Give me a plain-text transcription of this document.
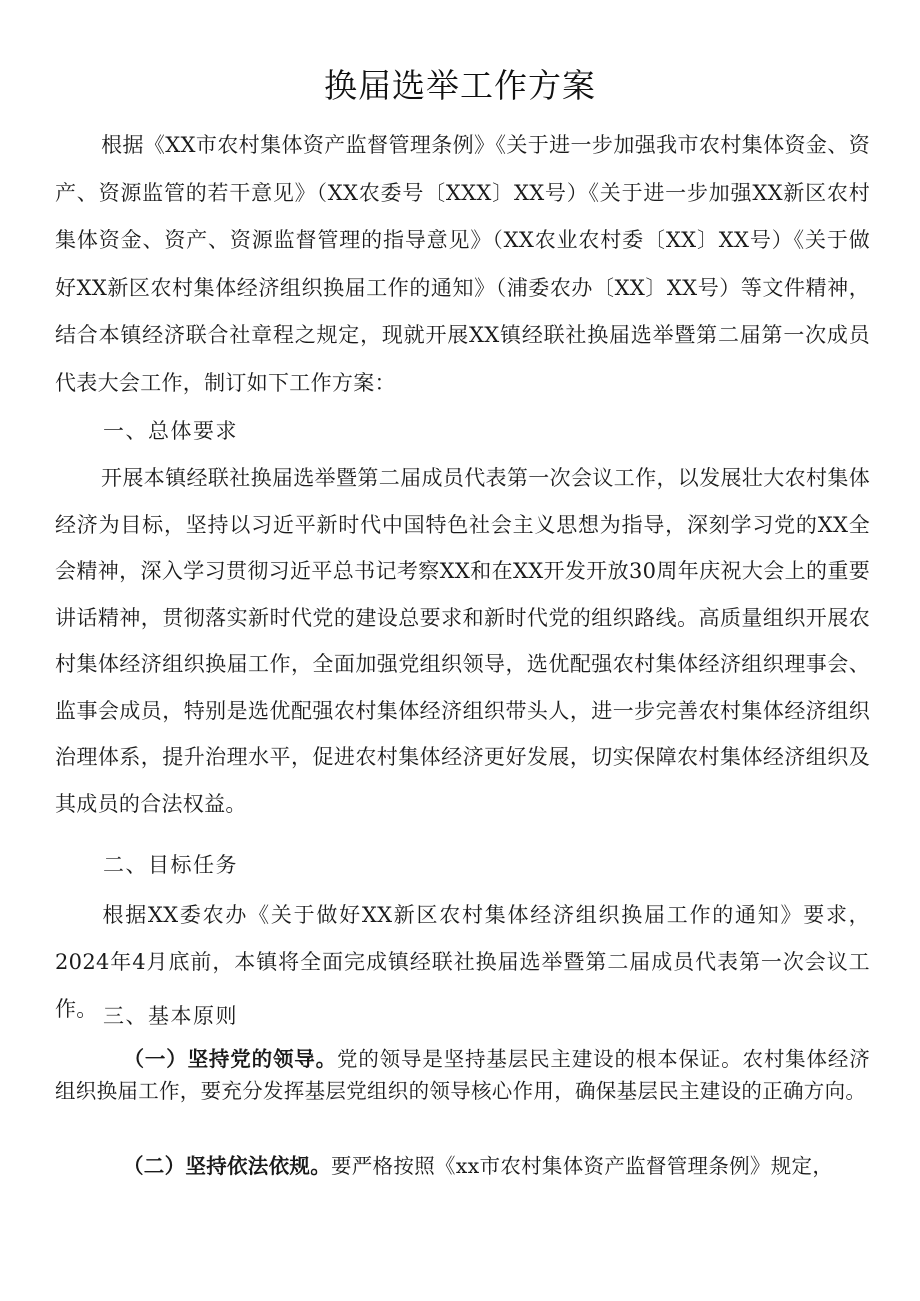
换届选举工作方案

根据《XX市农村集体资产监督管理条例》《关于进一步加强我市农村集体资金、资产、资源监管的若干意见》（XX农委号〔XXX〕XX号）《关于进一步加强XX新区农村集体资金、资产、资源监督管理的指导意见》（XX农业农村委〔XX〕XX号）《关于做好XX新区农村集体经济组织换届工作的通知》（浦委农办〔XX〕XX号）等文件精神，结合本镇经济联合社章程之规定，现就开展XX镇经联社换届选举暨第二届第一次成员代表大会工作，制订如下工作方案：

一、总体要求

开展本镇经联社换届选举暨第二届成员代表第一次会议工作，以发展壮大农村集体经济为目标，坚持以习近平新时代中国特色社会主义思想为指导，深刻学习党的XX全会精神，深入学习贯彻习近平总书记考察XX和在XX开发开放30周年庆祝大会上的重要讲话精神，贯彻落实新时代党的建设总要求和新时代党的组织路线。高质量组织开展农村集体经济组织换届工作，全面加强党组织领导，选优配强农村集体经济组织理事会、监事会成员，特别是选优配强农村集体经济组织带头人，进一步完善农村集体经济组织治理体系，提升治理水平，促进农村集体经济更好发展，切实保障农村集体经济组织及其成员的合法权益。

二、目标任务

根据XX委农办《关于做好XX新区农村集体经济组织换届工作的通知》要求，2024年4月底前，本镇将全面完成镇经联社换届选举暨第二届成员代表第一次会议工作。 三、基本原则

（一）坚持党的领导。党的领导是坚持基层民主建设的根本保证。农村集体经济组织换届工作，要充分发挥基层党组织的领导核心作用，确保基层民主建设的正确方向。

（二）坚持依法依规。要严格按照《xx市农村集体资产监督管理条例》规定，
